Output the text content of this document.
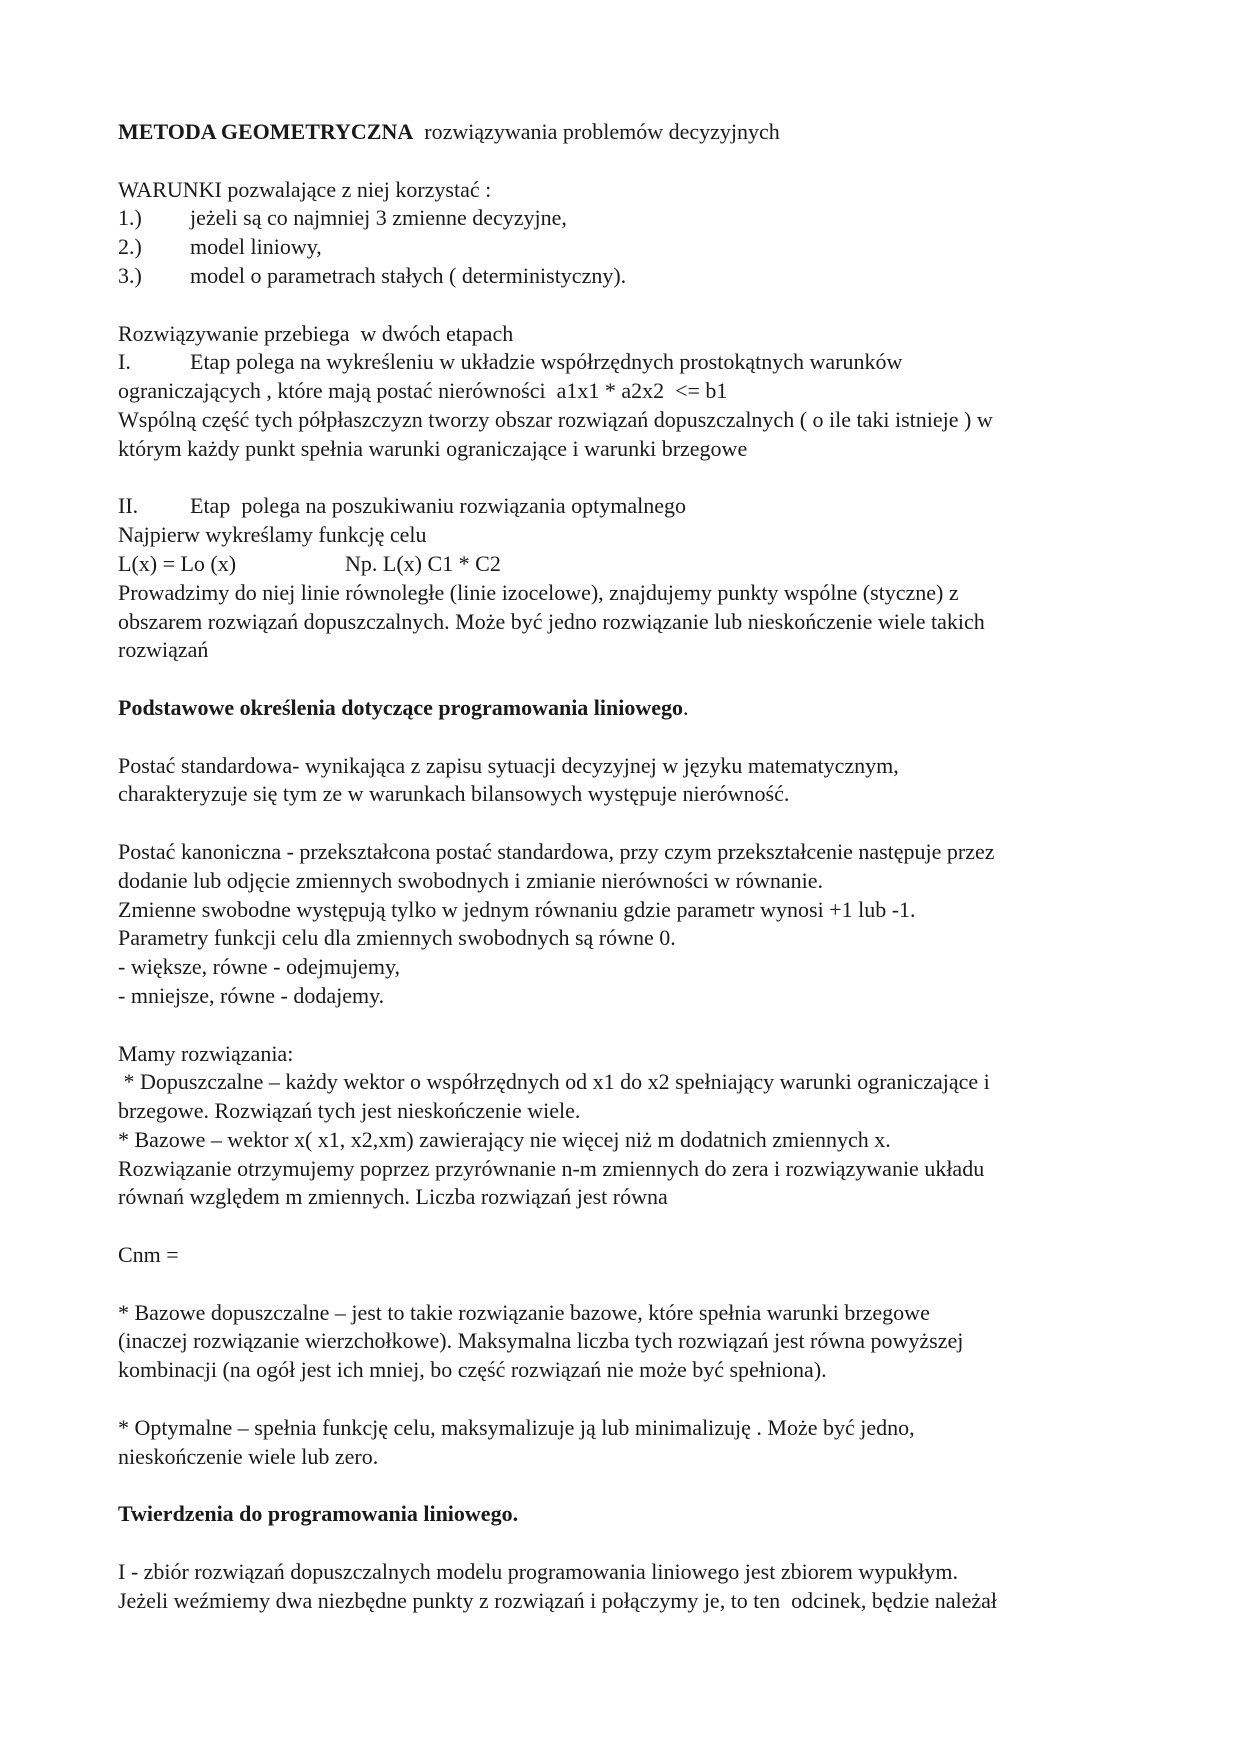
METODA GEOMETRYCZNA  rozwiązywania problemów decyzyjnych
WARUNKI pozwalające z niej korzystać :
1.) jeżeli są co najmniej 3 zmienne decyzyjne,
2.) model liniowy,
3.) model o parametrach stałych ( deterministyczny).
Rozwiązywanie przebiega  w dwóch etapach
I.	Etap polega na wykreśleniu w układzie współrzędnych prostokątnych warunków
ograniczających , które mają postać nierówności  a1x1 * a2x2  <= b1
Wspólną część tych półpłaszczyzn tworzy obszar rozwiązań dopuszczalnych ( o ile taki istnieje ) w
którym każdy punkt spełnia warunki ograniczające i warunki brzegowe
II. Etap  polega na poszukiwaniu rozwiązania optymalnego
Najpierw wykreślamy funkcję celu
L(x) = Lo (x)	Np. L(x) C1 * C2
Prowadzimy do niej linie równoległe (linie izocelowe), znajdujemy punkty wspólne (styczne) z
obszarem rozwiązań dopuszczalnych. Może być jedno rozwiązanie lub nieskończenie wiele takich
rozwiązań
Podstawowe określenia dotyczące programowania liniowego.
Postać standardowa- wynikająca z zapisu sytuacji decyzyjnej w języku matematycznym,
charakteryzuje się tym ze w warunkach bilansowych występuje nierówność.
Postać kanoniczna - przekształcona postać standardowa, przy czym przekształcenie następuje przez
dodanie lub odjęcie zmiennych swobodnych i zmianie nierówności w równanie.
Zmienne swobodne występują tylko w jednym równaniu gdzie parametr wynosi +1 lub -1.
Parametry funkcji celu dla zmiennych swobodnych są równe 0.
- większe, równe - odejmujemy,
- mniejsze, równe - dodajemy.
Mamy rozwiązania:
* Dopuszczalne – każdy wektor o współrzędnych od x1 do x2 spełniający warunki ograniczające i
brzegowe. Rozwiązań tych jest nieskończenie wiele.
* Bazowe – wektor x( x1, x2,xm) zawierający nie więcej niż m dodatnich zmiennych x.
Rozwiązanie otrzymujemy poprzez przyrównanie n-m zmiennych do zera i rozwiązywanie układu
równań względem m zmiennych. Liczba rozwiązań jest równa
Cnm =
* Bazowe dopuszczalne – jest to takie rozwiązanie bazowe, które spełnia warunki brzegowe
(inaczej rozwiązanie wierzchołkowe). Maksymalna liczba tych rozwiązań jest równa powyższej
kombinacji (na ogół jest ich mniej, bo część rozwiązań nie może być spełniona).
* Optymalne – spełnia funkcję celu, maksymalizuje ją lub minimalizuję . Może być jedno,
nieskończenie wiele lub zero.
Twierdzenia do programowania liniowego.
I - zbiór rozwiązań dopuszczalnych modelu programowania liniowego jest zbiorem wypukłym.
Jeżeli weźmiemy dwa niezbędne punkty z rozwiązań i połączymy je, to ten  odcinek, będzie należał
